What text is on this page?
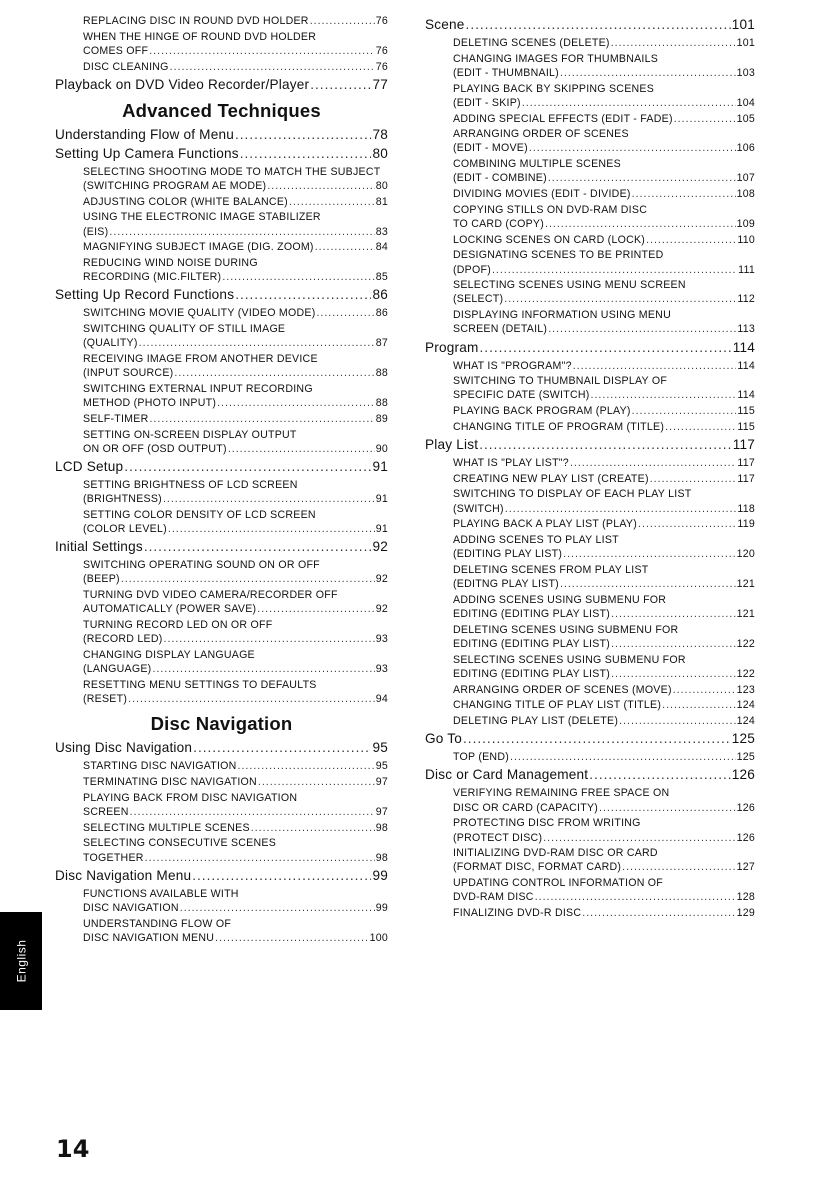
REPLACING DISC IN ROUND DVD HOLDER .....	76
WHEN THE HINGE OF ROUND DVD HOLDER
COMES OFF .....	76
DISC CLEANING .....	76
Playback on DVD Video Recorder/Player .....	77
Advanced Techniques
Understanding Flow of Menu .....	78
Setting Up Camera Functions .....	80
SELECTING SHOOTING MODE TO MATCH THE SUBJECT
(SWITCHING PROGRAM AE MODE) .....	80
ADJUSTING COLOR (WHITE BALANCE) .....	81
USING THE ELECTRONIC IMAGE STABILIZER
(EIS) .....	83
MAGNIFYING SUBJECT IMAGE (DIG. ZOOM) .....	84
REDUCING WIND NOISE DURING
RECORDING (MIC.FILTER) .....	85
Setting Up Record Functions .....	86
SWITCHING MOVIE QUALITY (VIDEO MODE) .....	86
SWITCHING QUALITY OF STILL IMAGE
(QUALITY) .....	87
RECEIVING IMAGE FROM ANOTHER DEVICE
(INPUT SOURCE) .....	88
SWITCHING EXTERNAL INPUT RECORDING
METHOD (PHOTO INPUT) .....	88
SELF-TIMER .....	89
SETTING ON-SCREEN DISPLAY OUTPUT
ON OR OFF (OSD OUTPUT) .....	90
LCD Setup .....	91
SETTING BRIGHTNESS OF LCD SCREEN
(BRIGHTNESS) .....	91
SETTING COLOR DENSITY OF LCD SCREEN
(COLOR LEVEL) .....	91
Initial Settings .....	92
SWITCHING OPERATING SOUND ON OR OFF
(BEEP) .....	92
TURNING DVD VIDEO CAMERA/RECORDER OFF
AUTOMATICALLY (POWER SAVE) .....	92
TURNING RECORD LED ON OR OFF
(RECORD LED) .....	93
CHANGING DISPLAY LANGUAGE
(LANGUAGE) .....	93
RESETTING MENU SETTINGS TO DEFAULTS
(RESET) .....	94
Disc Navigation
Using Disc Navigation .....	95
STARTING DISC NAVIGATION .....	95
TERMINATING DISC NAVIGATION .....	97
PLAYING BACK FROM DISC NAVIGATION
SCREEN .....	97
SELECTING MULTIPLE SCENES .....	98
SELECTING CONSECUTIVE SCENES
TOGETHER .....	98
Disc Navigation Menu .....	99
FUNCTIONS AVAILABLE WITH
DISC NAVIGATION .....	99
UNDERSTANDING FLOW OF
DISC NAVIGATION MENU .....	100
Scene .....	101
DELETING SCENES (DELETE) .....	101
CHANGING IMAGES FOR THUMBNAILS
(EDIT - THUMBNAIL) .....	103
PLAYING BACK BY SKIPPING SCENES
(EDIT - SKIP) .....	104
ADDING SPECIAL EFFECTS (EDIT - FADE) .....	105
ARRANGING ORDER OF SCENES
(EDIT - MOVE) .....	106
COMBINING MULTIPLE SCENES
(EDIT - COMBINE) .....	107
DIVIDING MOVIES (EDIT - DIVIDE) .....	108
COPYING STILLS ON DVD-RAM DISC
TO CARD (COPY) .....	109
LOCKING SCENES ON CARD (LOCK) .....	110
DESIGNATING SCENES TO BE PRINTED
(DPOF) .....	111
SELECTING SCENES USING MENU SCREEN
(SELECT) .....	112
DISPLAYING INFORMATION USING MENU
SCREEN (DETAIL) .....	113
Program .....	114
WHAT IS "PROGRAM"? .....	114
SWITCHING TO THUMBNAIL DISPLAY OF
SPECIFIC DATE (SWITCH) .....	114
PLAYING BACK PROGRAM (PLAY) .....	115
CHANGING TITLE OF PROGRAM (TITLE) .....	115
Play List .....	117
WHAT IS "PLAY LIST"? .....	117
CREATING NEW PLAY LIST (CREATE) .....	117
SWITCHING TO DISPLAY OF EACH PLAY LIST
(SWITCH) .....	118
PLAYING BACK A PLAY LIST (PLAY) .....	119
ADDING SCENES TO PLAY LIST
(EDITING PLAY LIST) .....	120
DELETING SCENES FROM PLAY LIST
(EDITNG PLAY LIST) .....	121
ADDING SCENES USING SUBMENU FOR
EDITING (EDITING PLAY LIST) .....	121
DELETING SCENES USING SUBMENU FOR
EDITING (EDITING PLAY LIST) .....	122
SELECTING SCENES USING SUBMENU FOR
EDITING (EDITING PLAY LIST) .....	122
ARRANGING ORDER OF SCENES (MOVE) .....	123
CHANGING TITLE OF PLAY LIST (TITLE) .....	124
DELETING PLAY LIST (DELETE) .....	124
Go To .....	125
TOP (END) .....	125
Disc or Card Management .....	126
VERIFYING REMAINING FREE SPACE ON
DISC OR CARD (CAPACITY) .....	126
PROTECTING DISC FROM WRITING
(PROTECT DISC) .....	126
INITIALIZING DVD-RAM DISC OR CARD
(FORMAT DISC, FORMAT CARD) .....	127
UPDATING CONTROL INFORMATION OF
DVD-RAM DISC .....	128
FINALIZING DVD-R DISC .....	129
English
14
